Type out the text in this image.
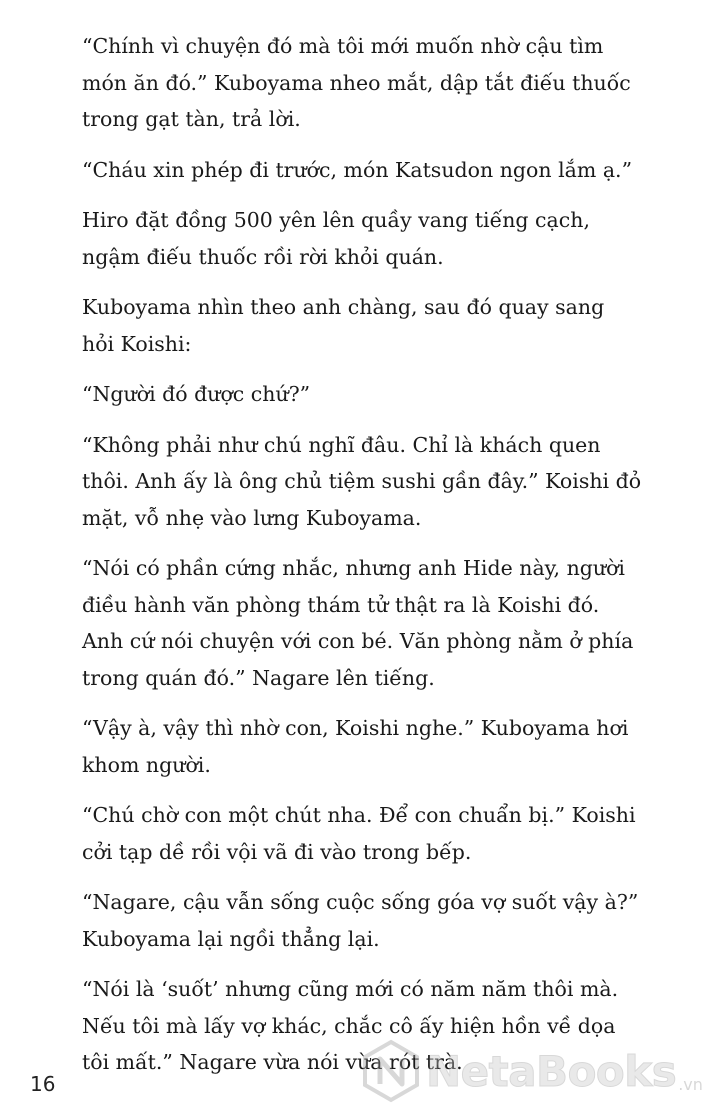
“Chính vì chuyện đó mà tôi mới muốn nhờ cậu tìm món ăn đó.” Kuboyama nheo mắt, dập tắt điếu thuốc trong gạt tàn, trả lời.

“Cháu xin phép đi trước, món Katsudon ngon lắm ạ.”

Hiro đặt đồng 500 yên lên quầy vang tiếng cạch, ngậm điếu thuốc rồi rời khỏi quán.

Kuboyama nhìn theo anh chàng, sau đó quay sang hỏi Koishi:

“Người đó được chứ?”

“Không phải như chú nghĩ đâu. Chỉ là khách quen thôi. Anh ấy là ông chủ tiệm sushi gần đây.” Koishi đỏ mặt, vỗ nhẹ vào lưng Kuboyama.

“Nói có phần cứng nhắc, nhưng anh Hide này, người điều hành văn phòng thám tử thật ra là Koishi đó. Anh cứ nói chuyện với con bé. Văn phòng nằm ở phía trong quán đó.” Nagare lên tiếng.

“Vậy à, vậy thì nhờ con, Koishi nghe.” Kuboyama hơi khom người.

“Chú chờ con một chút nha. Để con chuẩn bị.” Koishi cởi tạp dề rồi vội vã đi vào trong bếp.

“Nagare, cậu vẫn sống cuộc sống góa vợ suốt vậy à?” Kuboyama lại ngồi thẳng lại.

“Nói là ‘suốt’ nhưng cũng mới có năm năm thôi mà. Nếu tôi mà lấy vợ khác, chắc cô ấy hiện hồn về dọa tôi mất.” Nagare vừa nói vừa rót trà.

16	NetaBooks .vn
